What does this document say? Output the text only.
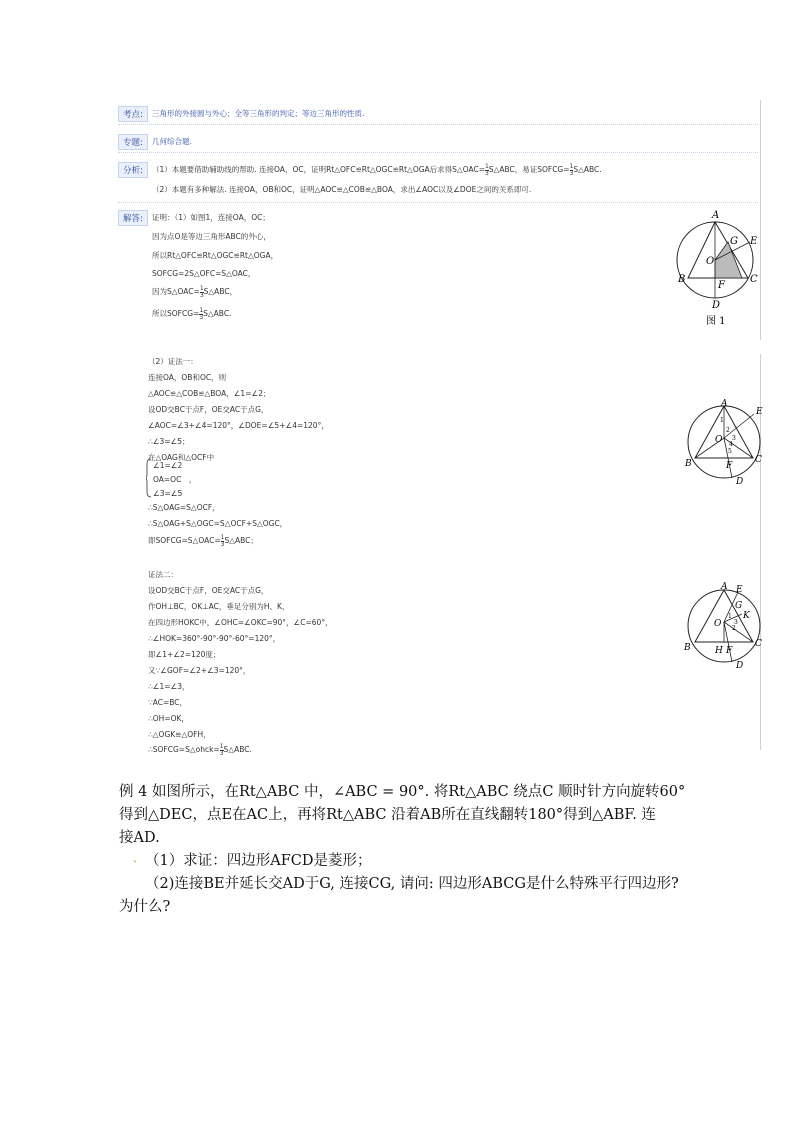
考点:	三角形的外接圆与外心；全等三角形的判定；等边三角形的性质.
专题:	几何综合题.
分析:	（1）本题要借助辅助线的帮助. 连接OA，OC，证明Rt△OFC≌Rt△OGC≌Rt△OGA后求得S△OAC= $\frac{1}{3}$ S△ABC，易证SOFCG= $\frac{1}{3}$ S△ABC.
（2）本题有多种解法. 连接OA，OB和OC，证明△AOC≌△COB≌△BOA，求出∠AOC以及∠DOE之间的关系即可.
解答:	证明：（1）如图1，连接OA，OC；
因为点O是等边三角形ABC的外心，
所以Rt△OFC≌Rt△OGC≌Rt△OGA，
SOFCG=2S△OFC=S△OAC，
因为S△OAC= $\frac{1}{3}$ S△ABC，
所以SOFCG= $\frac{1}{3}$ S△ABC.
A
B	C
D
E
F
G
O
图 1
（2）证法一：
连接OA，OB和OC，则
△AOC≌△COB≌△BOA，∠1=∠2；
设OD交BC于点F，OE交AC于点G，
∠AOC=∠3+∠4=120°，∠DOE=∠5+∠4=120°，
∴∠3=∠5；
在△OAG和△OCF中
∠1=∠2
OA=OC　，
∠3=∠5
∴S△OAG=S△OCF，
∴S△OAG+S△OGC=S△OCF+S△OGC，
即SOFCG=S△OAC= $\frac{1}{3}$ S△ABC；
A
B	C
D
E
F
O
1
2
3
4
5
证法二：
设OD交BC于点F，OE交AC于点G，
作OH⊥BC，OK⊥AC，垂足分别为H、K，
在四边形HOKC中，∠OHC=∠OKC=90°，∠C=60°，
∴∠HOK=360°-90°-90°-60°=120°，
即∠1+∠2=120度；
又∵∠GOF=∠2+∠3=120°，
∴∠1=∠3，
∵AC=BC，
∴OH=OK，
∴△OGK≌△OFH，
∴SOFCG=S△ohck= $\frac{1}{3}$ S△ABC.
A
B	C
D
E
F
G
H
K
O
1
2
3
例 4 如图所示，在Rt△ABC 中，∠ABC = 90°. 将Rt△ABC 绕点C 顺时针方向旋转60°
得到△DEC，点E在AC上，再将Rt△ABC 沿着AB所在直线翻转180°得到△ABF. 连
接AD.
、 （1）求证：四边形AFCD是菱形；
（2)连接BE并延长交AD于G, 连接CG, 请问: 四边形ABCG是什么特殊平行四边形?
为什么?
